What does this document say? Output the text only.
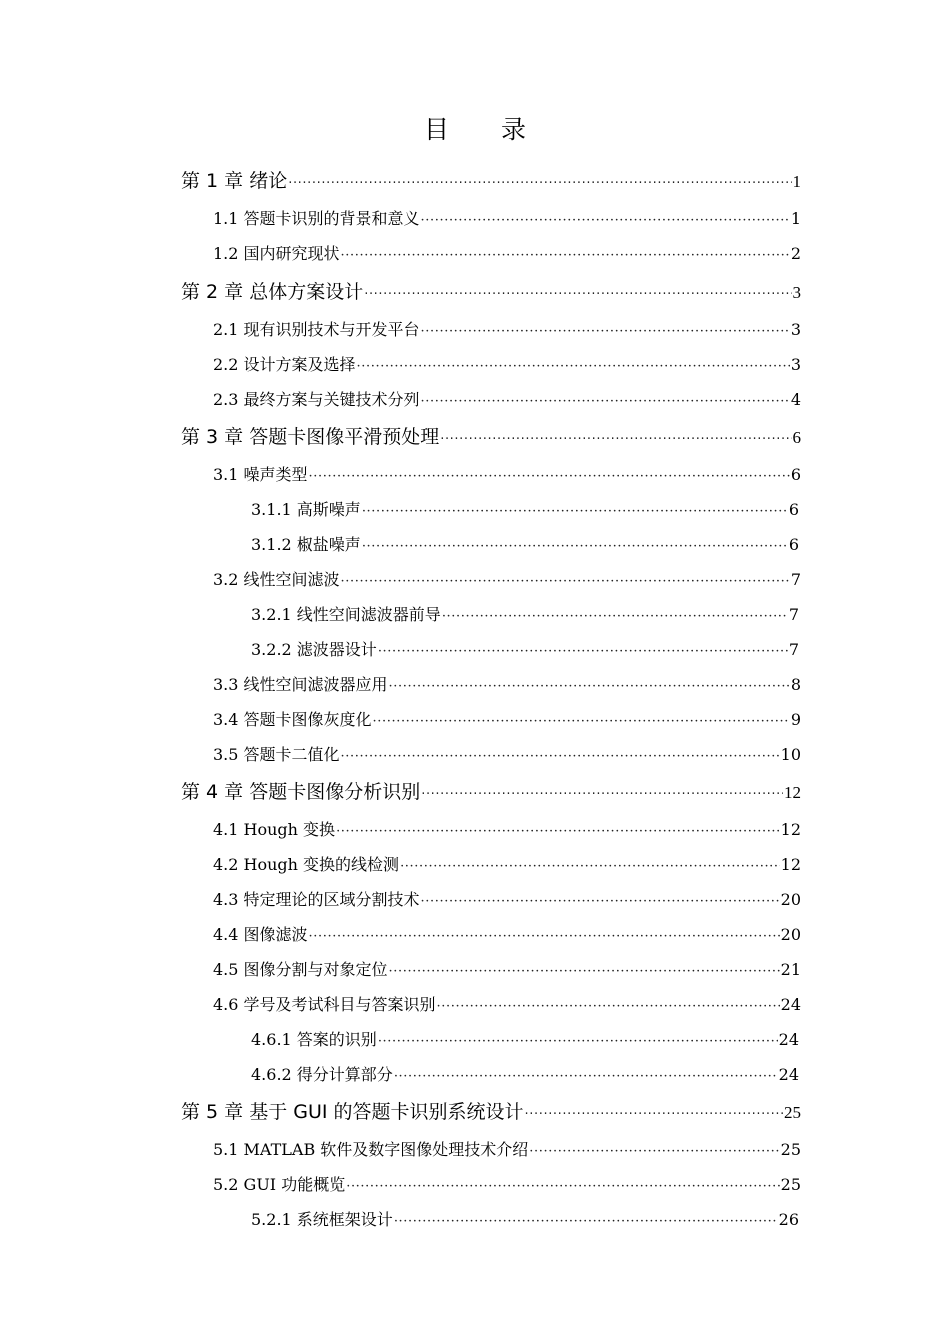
目 录
第 1 章 绪论 ·····	1
1.1 答题卡识别的背景和意义 ·····	1
1.2 国内研究现状 ·····	2
第 2 章 总体方案设计 ·····	3
2.1 现有识别技术与开发平台 ·····	3
2.2 设计方案及选择 ·····	3
2.3 最终方案与关键技术分列 ·····	4
第 3 章 答题卡图像平滑预处理 ·····	6
3.1 噪声类型 ·····	6
3.1.1 高斯噪声 ·····	6
3.1.2 椒盐噪声 ·····	6
3.2 线性空间滤波 ·····	7
3.2.1 线性空间滤波器前导 ·····	7
3.2.2 滤波器设计 ·····	7
3.3 线性空间滤波器应用 ·····	8
3.4 答题卡图像灰度化 ·····	9
3.5 答题卡二值化 ·····	10
第 4 章 答题卡图像分析识别 ·····	12
4.1 Hough 变换 ·····	12
4.2 Hough 变换的线检测 ·····	12
4.3 特定理论的区域分割技术 ·····	20
4.4 图像滤波 ·····	20
4.5 图像分割与对象定位 ·····	21
4.6 学号及考试科目与答案识别 ·····	24
4.6.1 答案的识别 ·····	24
4.6.2 得分计算部分 ·····	24
第 5 章 基于 GUI 的答题卡识别系统设计 ·····	25
5.1 MATLAB 软件及数字图像处理技术介绍 ·····	25
5.2 GUI 功能概览 ·····	25
5.2.1 系统框架设计 ·····	26
